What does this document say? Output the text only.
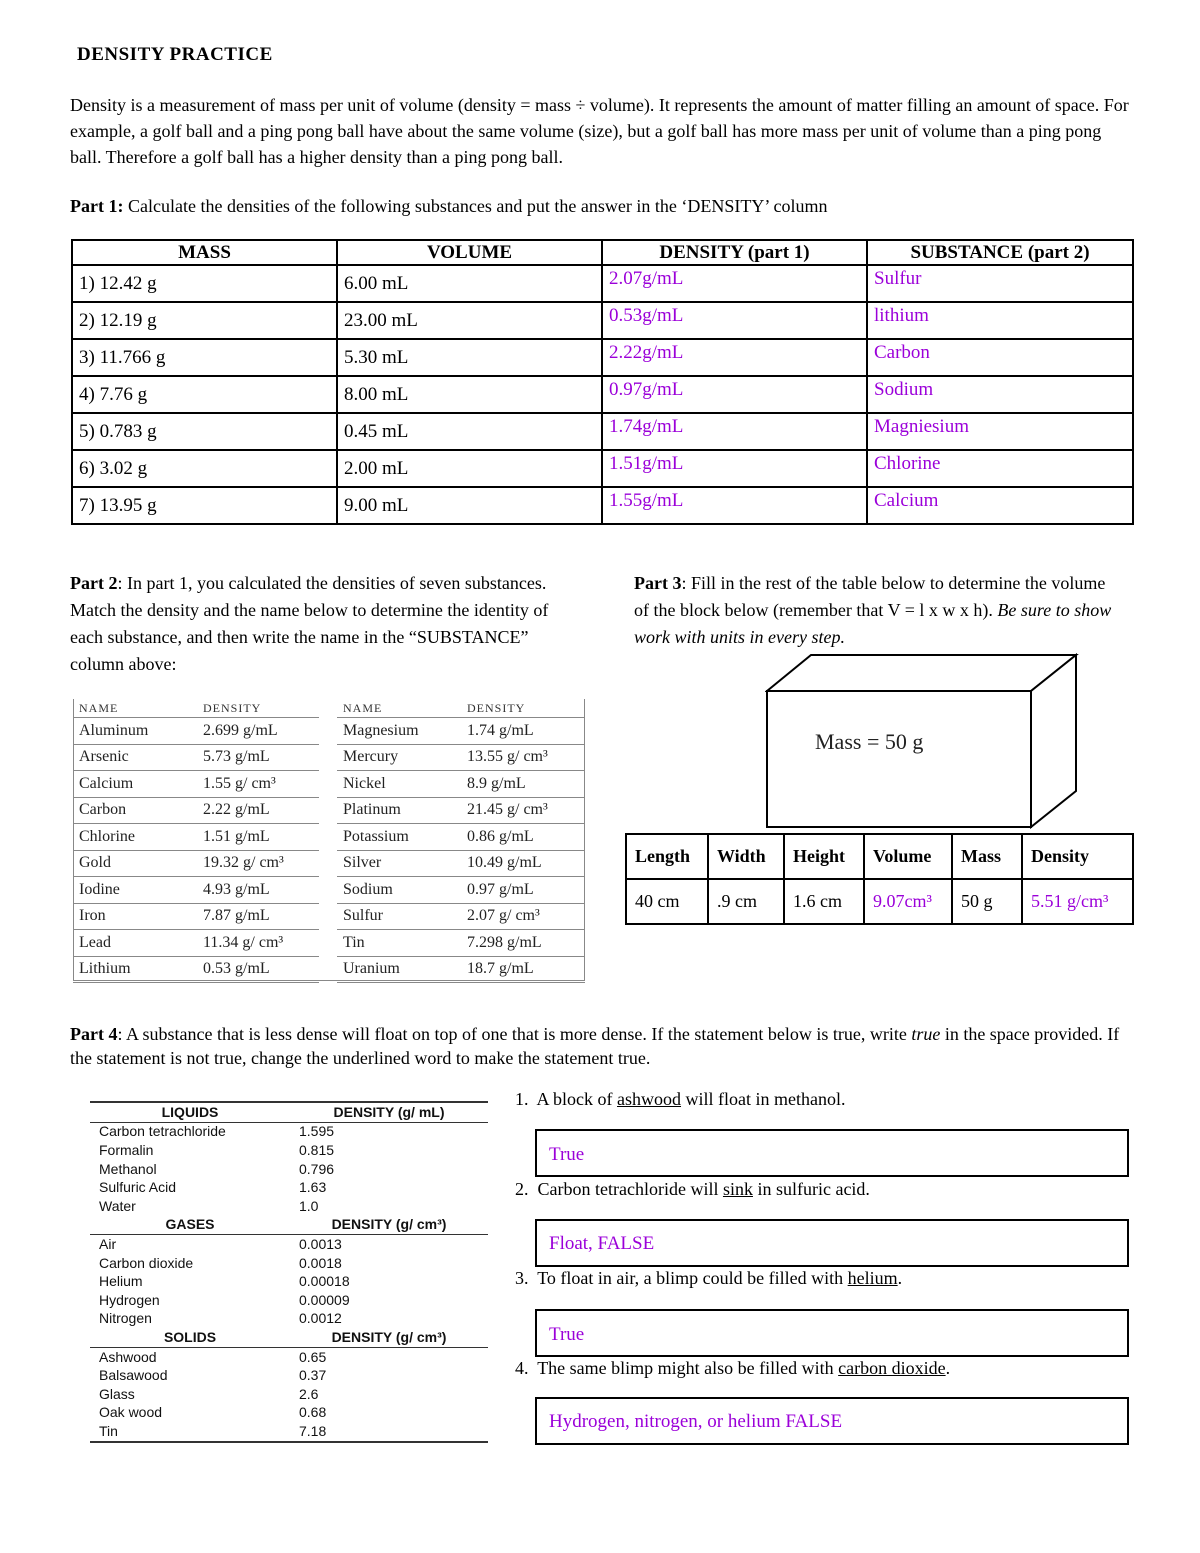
DENSITY PRACTICE
Density is a measurement of mass per unit of volume (density = mass ÷ volume). It represents the amount of matter filling an amount of space. For example, a golf ball and a ping pong ball have about the same volume (size), but a golf ball has more mass per unit of volume than a ping pong ball. Therefore a golf ball has a higher density than a ping pong ball.
Part 1: Calculate the densities of the following substances and put the answer in the ‘DENSITY’ column
MASS	VOLUME	DENSITY (part 1)	SUBSTANCE (part 2)
1) 12.42 g	6.00 mL	2.07g/mL	Sulfur
2) 12.19 g	23.00 mL	0.53g/mL	lithium
3) 11.766 g	5.30 mL	2.22g/mL	Carbon
4) 7.76 g	8.00 mL	0.97g/mL	Sodium
5) 0.783 g	0.45 mL	1.74g/mL	Magniesium
6) 3.02 g	2.00 mL	1.51g/mL	Chlorine
7) 13.95 g	9.00 mL	1.55g/mL	Calcium
Part 2: In part 1, you calculated the densities of seven substances. Match the density and the name below to determine the identity of each substance, and then write the name in the “SUBSTANCE” column above:
NAME	DENSITY		NAME	DENSITY
Aluminum	2.699 g/mL		Magnesium	1.74 g/mL
Arsenic	5.73 g/mL		Mercury	13.55 g/ cm³
Calcium	1.55 g/ cm³		Nickel	8.9 g/mL
Carbon	2.22 g/mL		Platinum	21.45 g/ cm³
Chlorine	1.51 g/mL		Potassium	0.86 g/mL
Gold	19.32 g/ cm³		Silver	10.49 g/mL
Iodine	4.93 g/mL		Sodium	0.97 g/mL
Iron	7.87 g/mL		Sulfur	2.07 g/ cm³
Lead	11.34 g/ cm³		Tin	7.298 g/mL
Lithium	0.53 g/mL		Uranium	18.7 g/mL
Part 3: Fill in the rest of the table below to determine the volume of the block below (remember that V = l x w x h). Be sure to show work with units in every step.
Mass = 50 g
Length	Width	Height	Volume	Mass	Density
40 cm	.9 cm	1.6 cm	9.07cm³	50 g	5.51 g/cm³
Part 4: A substance that is less dense will float on top of one that is more dense. If the statement below is true, write true in the space provided. If the statement is not true, change the underlined word to make the statement true.
LIQUIDS	DENSITY (g/ mL)
Carbon tetrachloride	1.595
Formalin	0.815
Methanol	0.796
Sulfuric Acid	1.63
Water	1.0
GASES	DENSITY (g/ cm³)
Air	0.0013
Carbon dioxide	0.0018
Helium	0.00018
Hydrogen	0.00009
Nitrogen	0.0012
SOLIDS	DENSITY (g/ cm³)
Ashwood	0.65
Balsawood	0.37
Glass	2.6
Oak wood	0.68
Tin	7.18
1. A block of ashwood will float in methanol.
True
2. Carbon tetrachloride will sink in sulfuric acid.
Float, FALSE
3. To float in air, a blimp could be filled with helium.
True
4. The same blimp might also be filled with carbon dioxide.
Hydrogen, nitrogen, or helium FALSE
